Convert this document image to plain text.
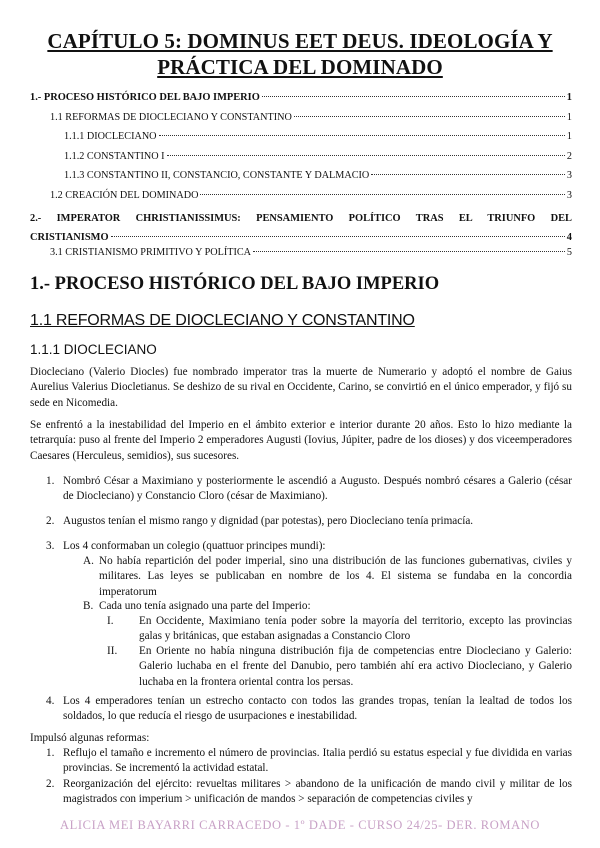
CAPÍTULO 5: DOMINUS EET DEUS. IDEOLOGÍA Y
PRÁCTICA DEL DOMINADO
1.- PROCESO HISTÓRICO DEL BAJO IMPERIO	1
1.1 REFORMAS DE DIOCLECIANO Y CONSTANTINO	1
1.1.1 DIOCLECIANO	1
1.1.2 CONSTANTINO I	2
1.1.3 CONSTANTINO II, CONSTANCIO, CONSTANTE Y DALMACIO	3
1.2 CREACIÓN DEL DOMINADO	3
2.- IMPERATOR CHRISTIANISSIMUS: PENSAMIENTO POLÍTICO TRAS EL TRIUNFO DEL
CRISTIANISMO	4
3.1 CRISTIANISMO PRIMITIVO Y POLÍTICA	5
1.- PROCESO HISTÓRICO DEL BAJO IMPERIO
1.1 REFORMAS DE DIOCLECIANO Y CONSTANTINO
1.1.1 DIOCLECIANO
Diocleciano (Valerio Diocles) fue nombrado imperator tras la muerte de Numerario y adoptó el nombre de Gaius Aurelius Valerius Diocletianus. Se deshizo de su rival en Occidente, Carino, se convirtió en el único emperador, y fijó su sede en Nicomedia.
Se enfrentó a la inestabilidad del Imperio en el ámbito exterior e interior durante 20 años. Esto lo hizo mediante la tetrarquía: puso al frente del Imperio 2 emperadores Augusti (Iovius, Júpiter, padre de los dioses) y dos viceemperadores Caesares (Herculeus, semidios), sus sucesores.
1. Nombró César a Maximiano y posteriormente le ascendió a Augusto. Después nombró césares a Galerio (césar de Diocleciano) y Constancio Cloro (césar de Maximiano).
2. Augustos tenían el mismo rango y dignidad (par potestas), pero Diocleciano tenía primacía.
3. Los 4 conformaban un colegio (quattuor principes mundi):
A. No había repartición del poder imperial, sino una distribución de las funciones gubernativas, civiles y militares. Las leyes se publicaban en nombre de los 4. El sistema se fundaba en la concordia imperatorum
B. Cada uno tenía asignado una parte del Imperio:
I. En Occidente, Maximiano tenía poder sobre la mayoría del territorio, excepto las provincias galas y británicas, que estaban asignadas a Constancio Cloro
II. En Oriente no había ninguna distribución fija de competencias entre Diocleciano y Galerio: Galerio luchaba en el frente del Danubio, pero también ahí era activo Diocleciano, y Galerio luchaba en la frontera oriental contra los persas.
4. Los 4 emperadores tenían un estrecho contacto con todos las grandes tropas, tenían la lealtad de todos los soldados, lo que reducía el riesgo de usurpaciones e inestabilidad.
Impulsó algunas reformas:
1. Reflujo el tamaño e incremento el número de provincias. Italia perdió su estatus especial y fue dividida en varias provincias. Se incrementó la actividad estatal.
2. Reorganización del ejército: revueltas militares > abandono de la unificación de mando civil y militar de los magistrados con imperium > unificación de mandos > separación de competencias civiles y
ALICIA MEI BAYARRI CARRACEDO - 1º DADE - CURSO 24/25- DER. ROMANO
